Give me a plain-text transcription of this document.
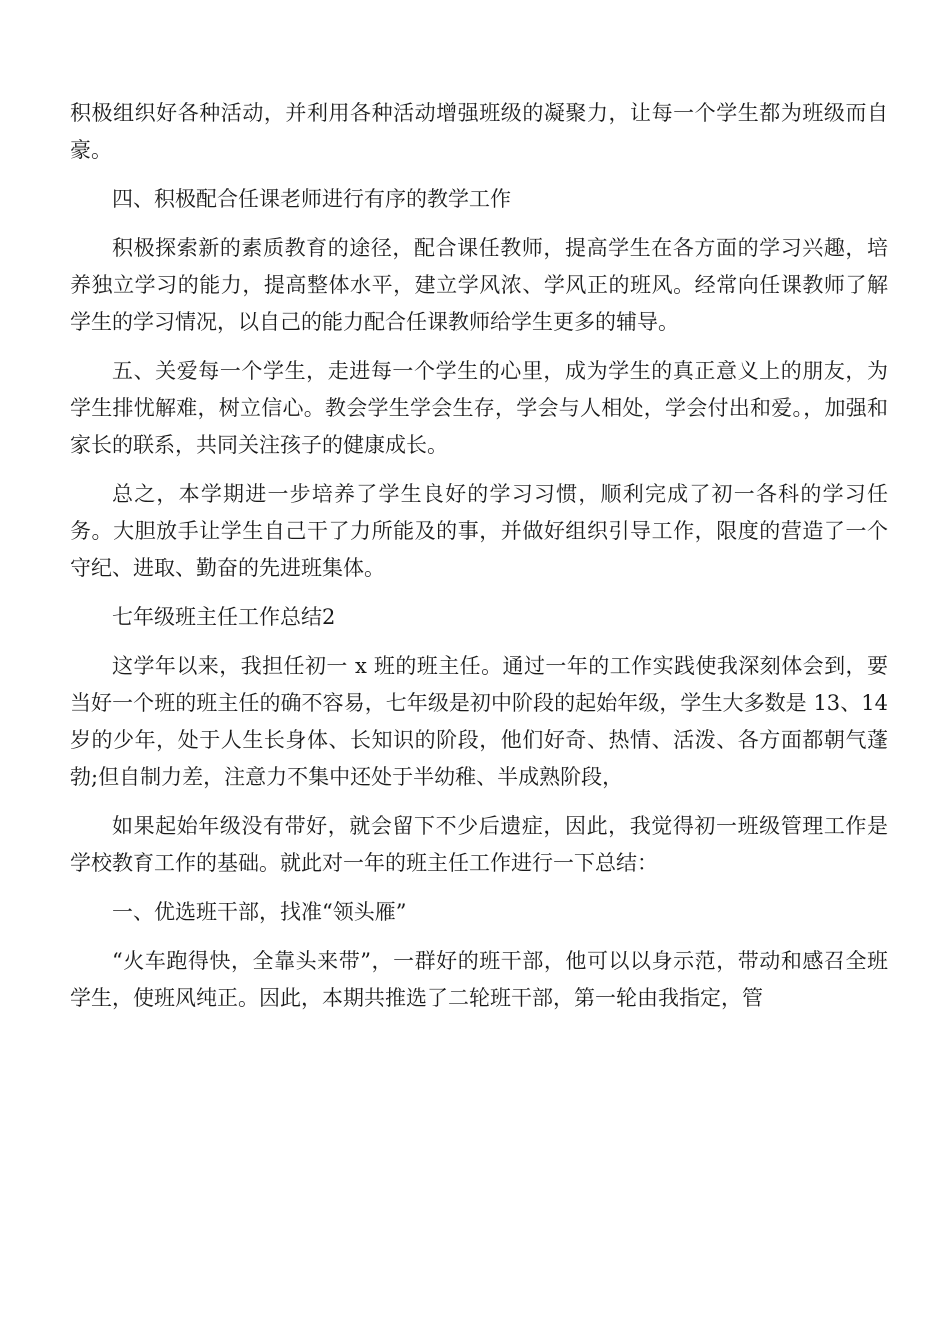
积极组织好各种活动，并利用各种活动增强班级的凝聚力，让每一个学生都为班级而自豪。

四、积极配合任课老师进行有序的教学工作

积极探索新的素质教育的途径，配合课任教师，提高学生在各方面的学习兴趣，培养独立学习的能力，提高整体水平，建立学风浓、学风正的班风。经常向任课教师了解学生的学习情况，以自己的能力配合任课教师给学生更多的辅导。

五、关爱每一个学生，走进每一个学生的心里，成为学生的真正意义上的朋友，为学生排忧解难，树立信心。教会学生学会生存，学会与人相处，学会付出和爱。，加强和家长的联系，共同关注孩子的健康成长。

总之，本学期进一步培养了学生良好的学习习惯，顺利完成了初一各科的学习任务。大胆放手让学生自己干了力所能及的事，并做好组织引导工作，限度的营造了一个守纪、进取、勤奋的先进班集体。

七年级班主任工作总结2

这学年以来，我担任初一 x 班的班主任。通过一年的工作实践使我深刻体会到，要当好一个班的班主任的确不容易，七年级是初中阶段的起始年级，学生大多数是 13、14 岁的少年，处于人生长身体、长知识的阶段，他们好奇、热情、活泼、各方面都朝气蓬勃;但自制力差，注意力不集中还处于半幼稚、半成熟阶段，

如果起始年级没有带好，就会留下不少后遗症，因此，我觉得初一班级管理工作是学校教育工作的基础。就此对一年的班主任工作进行一下总结：

一、优选班干部，找准“领头雁”

“火车跑得快，全靠头来带”，一群好的班干部，他可以以身示范，带动和感召全班学生，使班风纯正。因此，本期共推选了二轮班干部，第一轮由我指定，管
